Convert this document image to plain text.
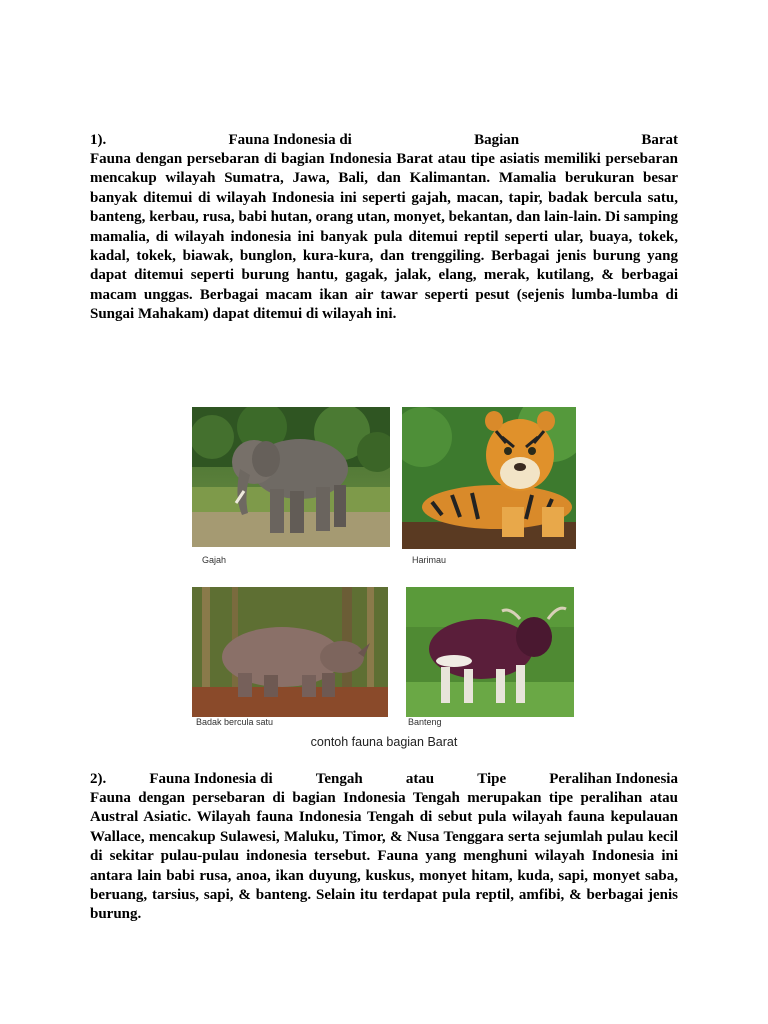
1).	Fauna Indonesia di	Bagian	Barat

Fauna dengan persebaran di bagian Indonesia Barat atau tipe asiatis memiliki persebaran mencakup wilayah Sumatra, Jawa, Bali, dan Kalimantan. Mamalia berukuran besar banyak ditemui di wilayah Indonesia ini seperti gajah, macan, tapir, badak bercula satu, banteng, kerbau, rusa, babi hutan, orang utan, monyet, bekantan, dan lain-lain. Di samping mamalia, di wilayah indonesia ini banyak pula ditemui reptil seperti ular, buaya, tokek, kadal, tokek, biawak, bunglon, kura-kura, dan trenggiling. Berbagai jenis burung yang dapat ditemui seperti burung hantu, gagak, jalak, elang, merak, kutilang, & berbagai macam unggas. Berbagai macam ikan air tawar seperti pesut (sejenis lumba-lumba di Sungai Mahakam) dapat ditemui di wilayah ini.

Gajah	Harimau
Badak bercula satu	Banteng
contoh fauna bagian Barat
2).	Fauna Indonesia di	Tengah	atau	Tipe	Peralihan Indonesia

Fauna dengan persebaran di bagian Indonesia Tengah merupakan tipe peralihan atau Austral Asiatic. Wilayah fauna Indonesia Tengah di sebut pula wilayah fauna kepulauan Wallace, mencakup Sulawesi, Maluku, Timor, & Nusa Tenggara serta sejumlah pulau kecil di sekitar pulau-pulau indonesia tersebut. Fauna yang menghuni wilayah Indonesia ini antara lain babi rusa, anoa, ikan duyung, kuskus, monyet hitam, kuda, sapi, monyet saba, beruang, tarsius, sapi, & banteng. Selain itu terdapat pula reptil, amfibi, & berbagai jenis burung.
